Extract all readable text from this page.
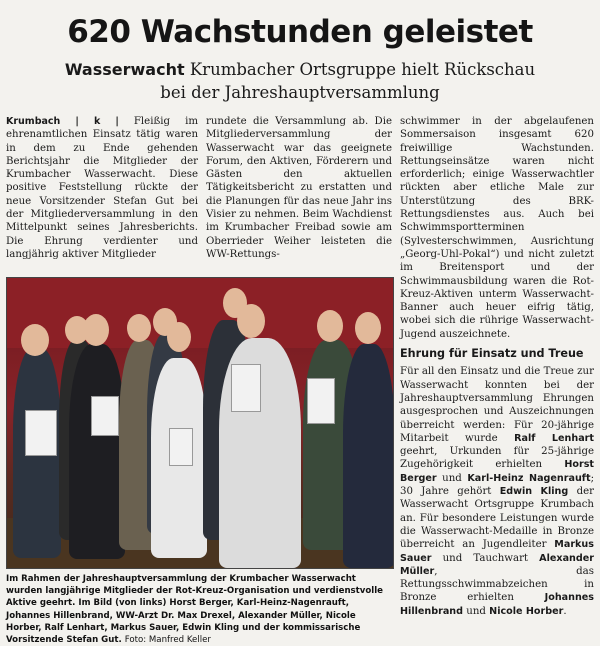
620 Wachstunden geleistet
Wasserwacht Krumbacher Ortsgruppe hielt Rückschau
bei der Jahreshauptversammlung

Krumbach | k | Fleißig im ehrenamtlichen Einsatz tätig waren in dem zu Ende gehenden Berichtsjahr die Mitglieder der Krumbacher Wasserwacht. Diese positive Feststellung rückte der neue Vorsitzender Stefan Gut bei der Mitgliederversammlung in den Mittelpunkt seines Jahresberichts. Die Ehrung verdienter und langjährig aktiver Mitglieder

rundete die Versammlung ab. Die Mitgliederversammlung der Wasserwacht war das geeignete Forum, den Aktiven, Förderern und Gästen den aktuellen Tätigkeitsbericht zu erstatten und die Planungen für das neue Jahr ins Visier zu nehmen. Beim Wachdienst im Krumbacher Freibad sowie am Oberrieder Weiher leisteten die WW-Rettungs-

schwimmer in der abgelaufenen Sommersaison insgesamt 620 freiwillige Wachstunden. Rettungseinsätze waren nicht erforderlich; einige Wasserwachtler rückten aber etliche Male zur Unterstützung des BRK-Rettungsdienstes aus. Auch bei Schwimmsportterminen (Sylvesterschwimmen, Ausrichtung „Georg-Uhl-Pokal“) und nicht zuletzt im Breitensport und der Schwimmausbildung waren die Rot-Kreuz-Aktiven unterm Wasserwacht-Banner auch heuer eifrig tätig, wobei sich die rührige Wasserwacht-Jugend auszeichnete.

Ehrung für Einsatz und Treue

Für all den Einsatz und die Treue zur Wasserwacht konnten bei der Jahreshauptversammlung Ehrungen ausgesprochen und Auszeichnungen überreicht werden: Für 20-jährige Mitarbeit wurde Ralf Lenhart geehrt, Urkunden für 25-jährige Zugehörigkeit erhielten Horst Berger und Karl-Heinz Nagenrauft; 30 Jahre gehört Edwin Kling der Wasserwacht Ortsgruppe Krumbach an. Für besondere Leistungen wurde die Wasserwacht-Medaille in Bronze überreicht an Jugendleiter Markus Sauer und Tauchwart Alexander Müller, das Rettungsschwimmabzeichen in Bronze erhielten	Johannes Hillenbrand und Nicole Horber.

Im Rahmen der Jahreshauptversammlung der Krumbacher Wasserwacht wurden langjährige Mitglieder der Rot-Kreuz-Organisation und verdienstvolle Aktive geehrt. Im Bild (von links) Horst Berger, Karl-Heinz-Nagenrauft, Johannes Hillenbrand, WW-Arzt Dr. Max Drexel, Alexander Müller, Nicole Horber, Ralf Lenhart, Markus Sauer, Edwin Kling und der kommissarische Vorsitzende Stefan Gut. Foto: Manfred Keller
